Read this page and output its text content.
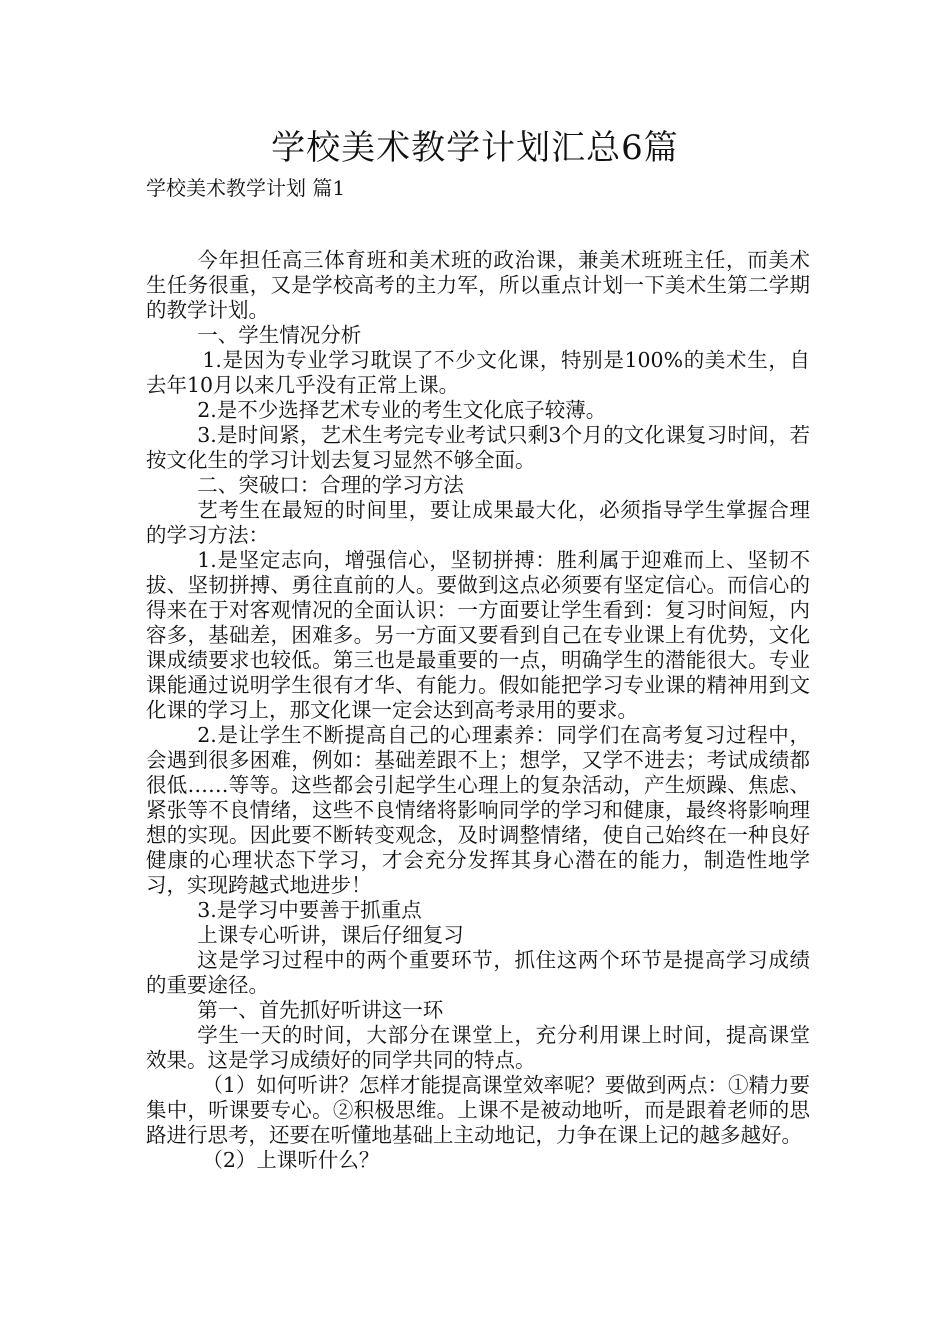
学校美术教学计划汇总6篇
学校美术教学计划 篇1

今年担任高三体育班和美术班的政治课，兼美术班班主任，而美术生任务很重，又是学校高考的主力军，所以重点计划一下美术生第二学期的教学计划。

一、学生情况分析

1.是因为专业学习耽误了不少文化课，特别是100%的美术生，自去年10月以来几乎没有正常上课。

2.是不少选择艺术专业的考生文化底子较薄。

3.是时间紧，艺术生考完专业考试只剩3个月的文化课复习时间，若按文化生的学习计划去复习显然不够全面。

二、突破口：合理的学习方法

艺考生在最短的时间里，要让成果最大化，必须指导学生掌握合理的学习方法：

1.是坚定志向，增强信心，坚韧拼搏：胜利属于迎难而上、坚韧不拔、坚韧拼搏、勇往直前的人。要做到这点必须要有坚定信心。而信心的得来在于对客观情况的全面认识：一方面要让学生看到：复习时间短，内容多，基础差，困难多。另一方面又要看到自己在专业课上有优势，文化课成绩要求也较低。第三也是最重要的一点，明确学生的潜能很大。专业课能通过说明学生很有才华、有能力。假如能把学习专业课的精神用到文化课的学习上，那文化课一定会达到高考录用的要求。

2.是让学生不断提高自己的心理素养：同学们在高考复习过程中，会遇到很多困难，例如：基础差跟不上；想学，又学不进去；考试成绩都很低……等等。这些都会引起学生心理上的复杂活动，产生烦躁、焦虑、紧张等不良情绪，这些不良情绪将影响同学的学习和健康，最终将影响理想的实现。因此要不断转变观念，及时调整情绪，使自己始终在一种良好健康的心理状态下学习，才会充分发挥其身心潜在的能力，制造性地学习，实现跨越式地进步！

3.是学习中要善于抓重点

上课专心听讲，课后仔细复习

这是学习过程中的两个重要环节，抓住这两个环节是提高学习成绩的重要途径。

第一、首先抓好听讲这一环

学生一天的时间，大部分在课堂上，充分利用课上时间，提高课堂效果。这是学习成绩好的同学共同的特点。

（1）如何听讲？怎样才能提高课堂效率呢？要做到两点：①精力要集中，听课要专心。②积极思维。上课不是被动地听，而是跟着老师的思路进行思考，还要在听懂地基础上主动地记，力争在课上记的越多越好。

（2）上课听什么？
